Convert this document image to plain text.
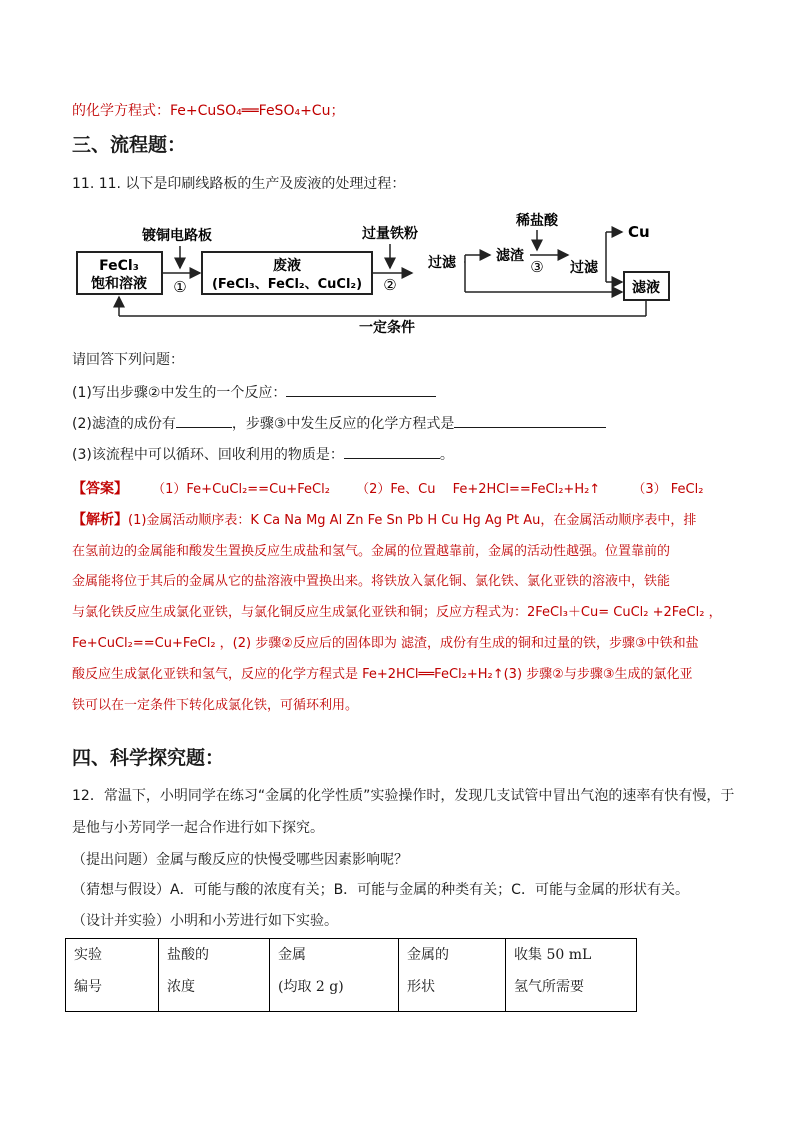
的化学方程式：Fe+CuSO₄══FeSO₄+Cu；
三、流程题：
11. 11. 以下是印刷线路板的生产及废液的处理过程：
FeCl₃
饱和溶液
镀铜电路板
①
废液
(FeCl₃、FeCl₂、CuCl₂)
过量铁粉
②
过滤	滤渣
稀盐酸
③ 过滤
Cu
滤液
一定条件
请回答下列问题：
(1)写出步骤②中发生的一个反应：
(2)滤渣的成份有	，步骤③中发生反应的化学方程式是
(3)该流程中可以循环、回收利用的物质是：	。
【答案】 （1）Fe+CuCl₂==Cu+FeCl₂ （2）Fe、Cu　 Fe+2HCl==FeCl₂+H₂↑ （3） FeCl₂
【解析】(1)金属活动顺序表：K Ca Na Mg Al Zn Fe Sn Pb H Cu Hg Ag Pt Au，在金属活动顺序表中，排
在氢前边的金属能和酸发生置换反应生成盐和氢气。金属的位置越靠前，金属的活动性越强。位置靠前的
金属能将位于其后的金属从它的盐溶液中置换出来。将铁放入氯化铜、氯化铁、氯化亚铁的溶液中，铁能
与氯化铁反应生成氯化亚铁，与氯化铜反应生成氯化亚铁和铜；反应方程式为：2FeCl₃＋Cu= CuCl₂ +2FeCl₂ ，
Fe+CuCl₂==Cu+FeCl₂ ，(2) 步骤②反应后的固体即为 滤渣，成份有生成的铜和过量的铁，步骤③中铁和盐
酸反应生成氯化亚铁和氢气，反应的化学方程式是 Fe+2HCl══FeCl₂+H₂↑(3) 步骤②与步骤③生成的氯化亚
铁可以在一定条件下转化成氯化铁，可循环利用。
四、科学探究题：
12．常温下，小明同学在练习“金属的化学性质”实验操作时，发现几支试管中冒出气泡的速率有快有慢，于
是他与小芳同学一起合作进行如下探究。
（提出问题）金属与酸反应的快慢受哪些因素影响呢？
（猜想与假设）A．可能与酸的浓度有关；B．可能与金属的种类有关；C．可能与金属的形状有关。
（设计并实验）小明和小芳进行如下实验。
实验
编号

盐酸的
浓度

金属
(均取 2 g)

金属的
形状

收集 50 mL
氢气所需要
